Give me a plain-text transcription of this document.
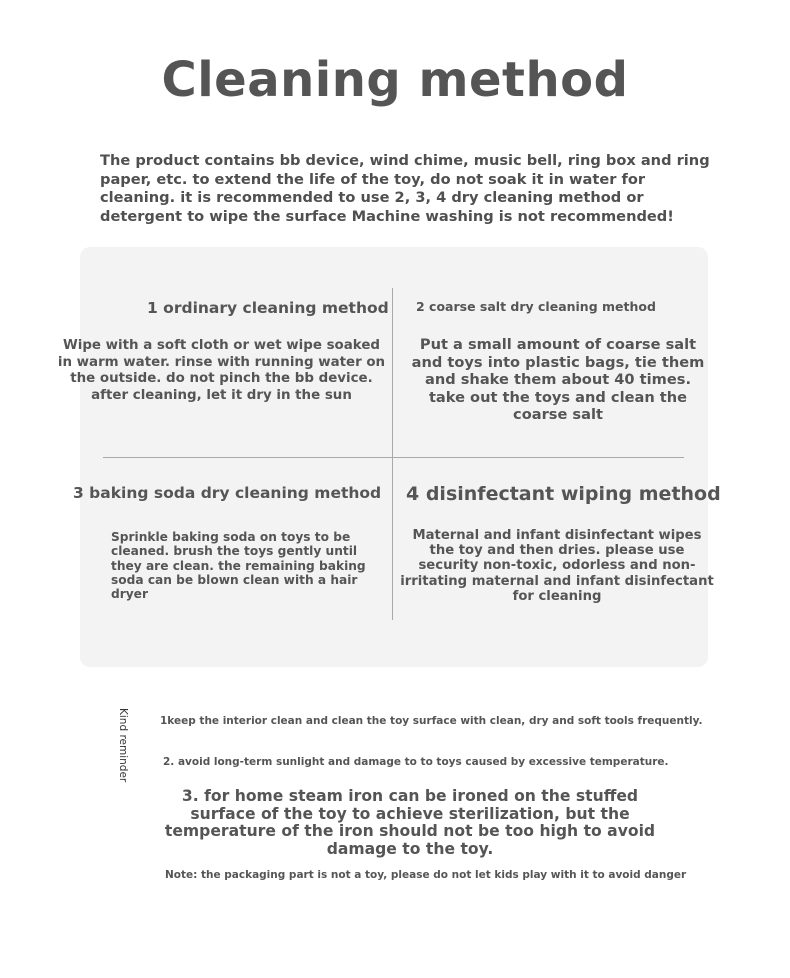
Cleaning method
The product contains bb device, wind chime, music bell, ring box and ring paper, etc. to extend the life of the toy, do not soak it in water for cleaning. it is recommended to use 2, 3, 4 dry cleaning method or detergent to wipe the surface Machine washing is not recommended!
1 ordinary cleaning method
Wipe with a soft cloth or wet wipe soaked in warm water. rinse with running water on the outside. do not pinch the bb device. after cleaning, let it dry in the sun
2 coarse salt dry cleaning method
Put a small amount of coarse salt and toys into plastic bags, tie them and shake them about 40 times. take out the toys and clean the coarse salt
3 baking soda dry cleaning method
Sprinkle baking soda on toys to be cleaned. brush the toys gently until they are clean. the remaining baking soda can be blown clean with a hair dryer
4 disinfectant wiping method
Maternal and infant disinfectant wipes the toy and then dries. please use security non-toxic, odorless and non-irritating maternal and infant disinfectant for cleaning
Kind reminder	1keep the interior clean and clean the toy surface with clean, dry and soft tools frequently.
2. avoid long-term sunlight and damage to to toys caused by excessive temperature.
3. for home steam iron can be ironed on the stuffed surface of the toy to achieve sterilization, but the temperature of the iron should not be too high to avoid damage to the toy.
Note: the packaging part is not a toy, please do not let kids play with it to avoid danger
